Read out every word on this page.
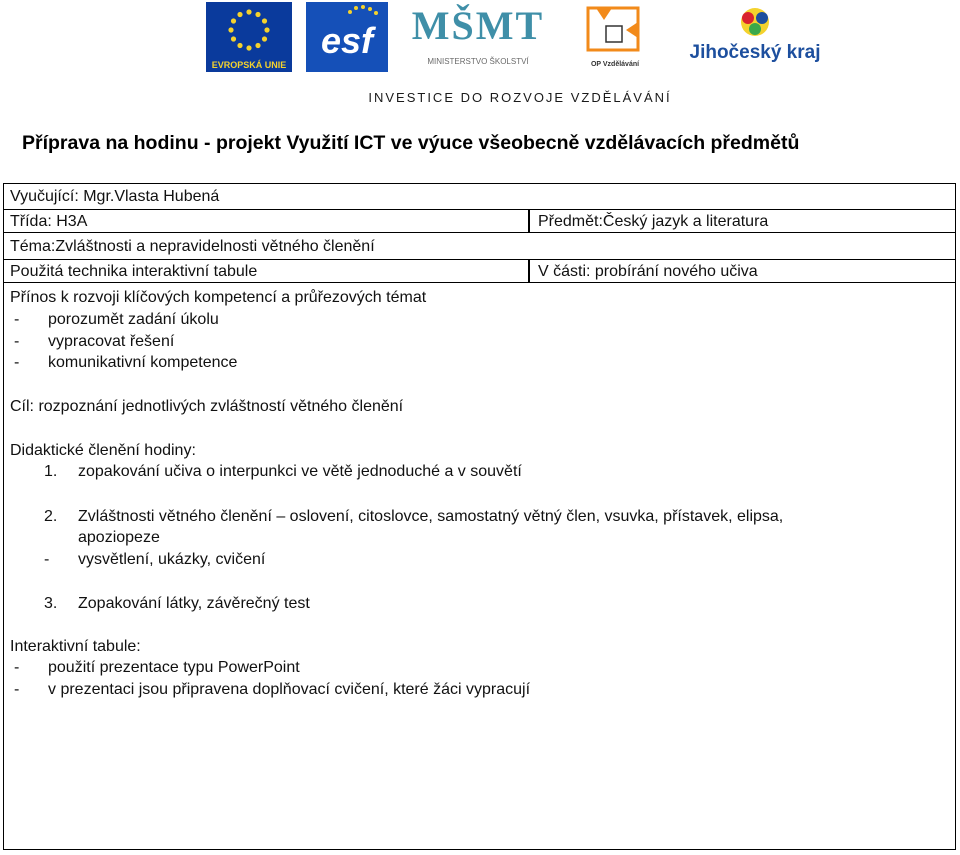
EVROPSKÁ UNIE
esf MŠMT
MINISTERSTVO ŠKOLSTVÍ	OP Vzdělávání
Jihočeský kraj
INVESTICE DO ROZVOJE VZDĚLÁVÁNÍ
Příprava na hodinu - projekt Využití ICT ve výuce všeobecně vzdělávacích předmětů
Vyučující: Mgr.Vlasta Hubená
Třída: H3A
Téma:Zvláštnosti a nepravidelnosti větného členění
Použitá technika interaktivní tabule
Přínos k rozvoji klíčových kompetencí a průřezových témat
- porozumět zadání úkolu
- vypracovat řešení
- komunikativní kompetence
Předmět:Český jazyk a literatura
V části: probírání nového učiva
Cíl: rozpoznání jednotlivých zvláštností větného členění
Didaktické členění hodiny:
1. zopakování učiva o interpunkci ve větě jednoduché a v souvětí
2. Zvláštnosti větného členění – oslovení, citoslovce, samostatný větný člen, vsuvka, přístavek, elipsa,
apoziopeze
- vysvětlení, ukázky, cvičení
3. Zopakování látky, závěrečný test
Interaktivní tabule:
- použití prezentace typu PowerPoint
- v prezentaci jsou připravena doplňovací cvičení, které žáci vypracují
